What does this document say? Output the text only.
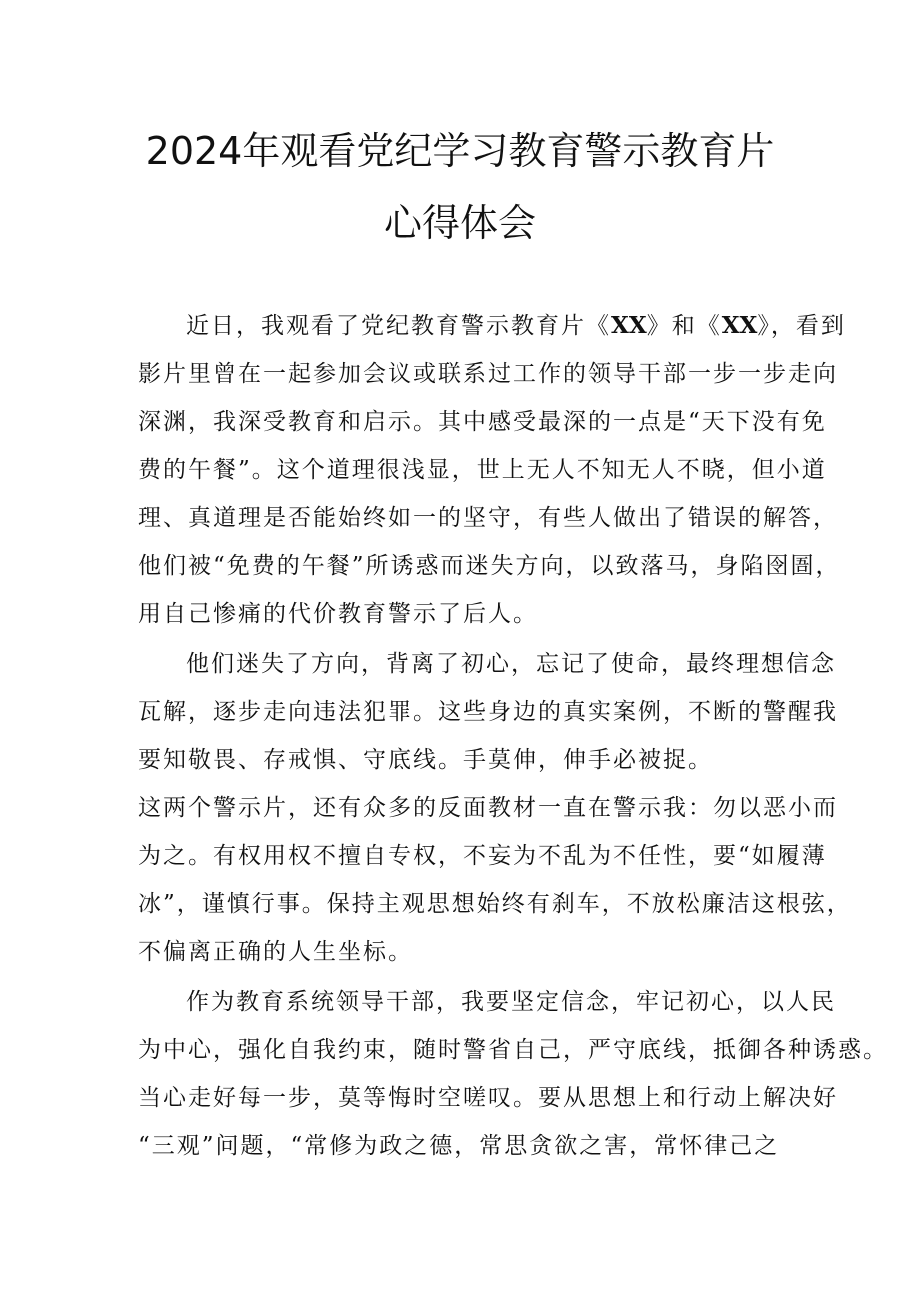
2024年观看党纪学习教育警示教育片
心得体会
近日，我观看了党纪教育警示教育片《XX》和《XX》，看到
影片里曾在一起参加会议或联系过工作的领导干部一步一步走向
深渊，我深受教育和启示。其中感受最深的一点是“天下没有免
费的午餐”。这个道理很浅显，世上无人不知无人不晓，但小道
理、真道理是否能始终如一的坚守，有些人做出了错误的解答，
他们被“免费的午餐”所诱惑而迷失方向，以致落马，身陷囹圄，
用自己惨痛的代价教育警示了后人。
他们迷失了方向，背离了初心，忘记了使命，最终理想信念
瓦解，逐步走向违法犯罪。这些身边的真实案例，不断的警醒我
要知敬畏、存戒惧、守底线。手莫伸，伸手必被捉。
这两个警示片，还有众多的反面教材一直在警示我：勿以恶小而
为之。有权用权不擅自专权，不妄为不乱为不任性，要“如履薄
冰”，谨慎行事。保持主观思想始终有刹车，不放松廉洁这根弦，
不偏离正确的人生坐标。
作为教育系统领导干部，我要坚定信念，牢记初心，以人民
为中心，强化自我约束，随时警省自己，严守底线，抵御各种诱惑。
当心走好每一步，莫等悔时空嗟叹。要从思想上和行动上解决好
“三观”问题，“常修为政之德，常思贪欲之害，常怀律己之
